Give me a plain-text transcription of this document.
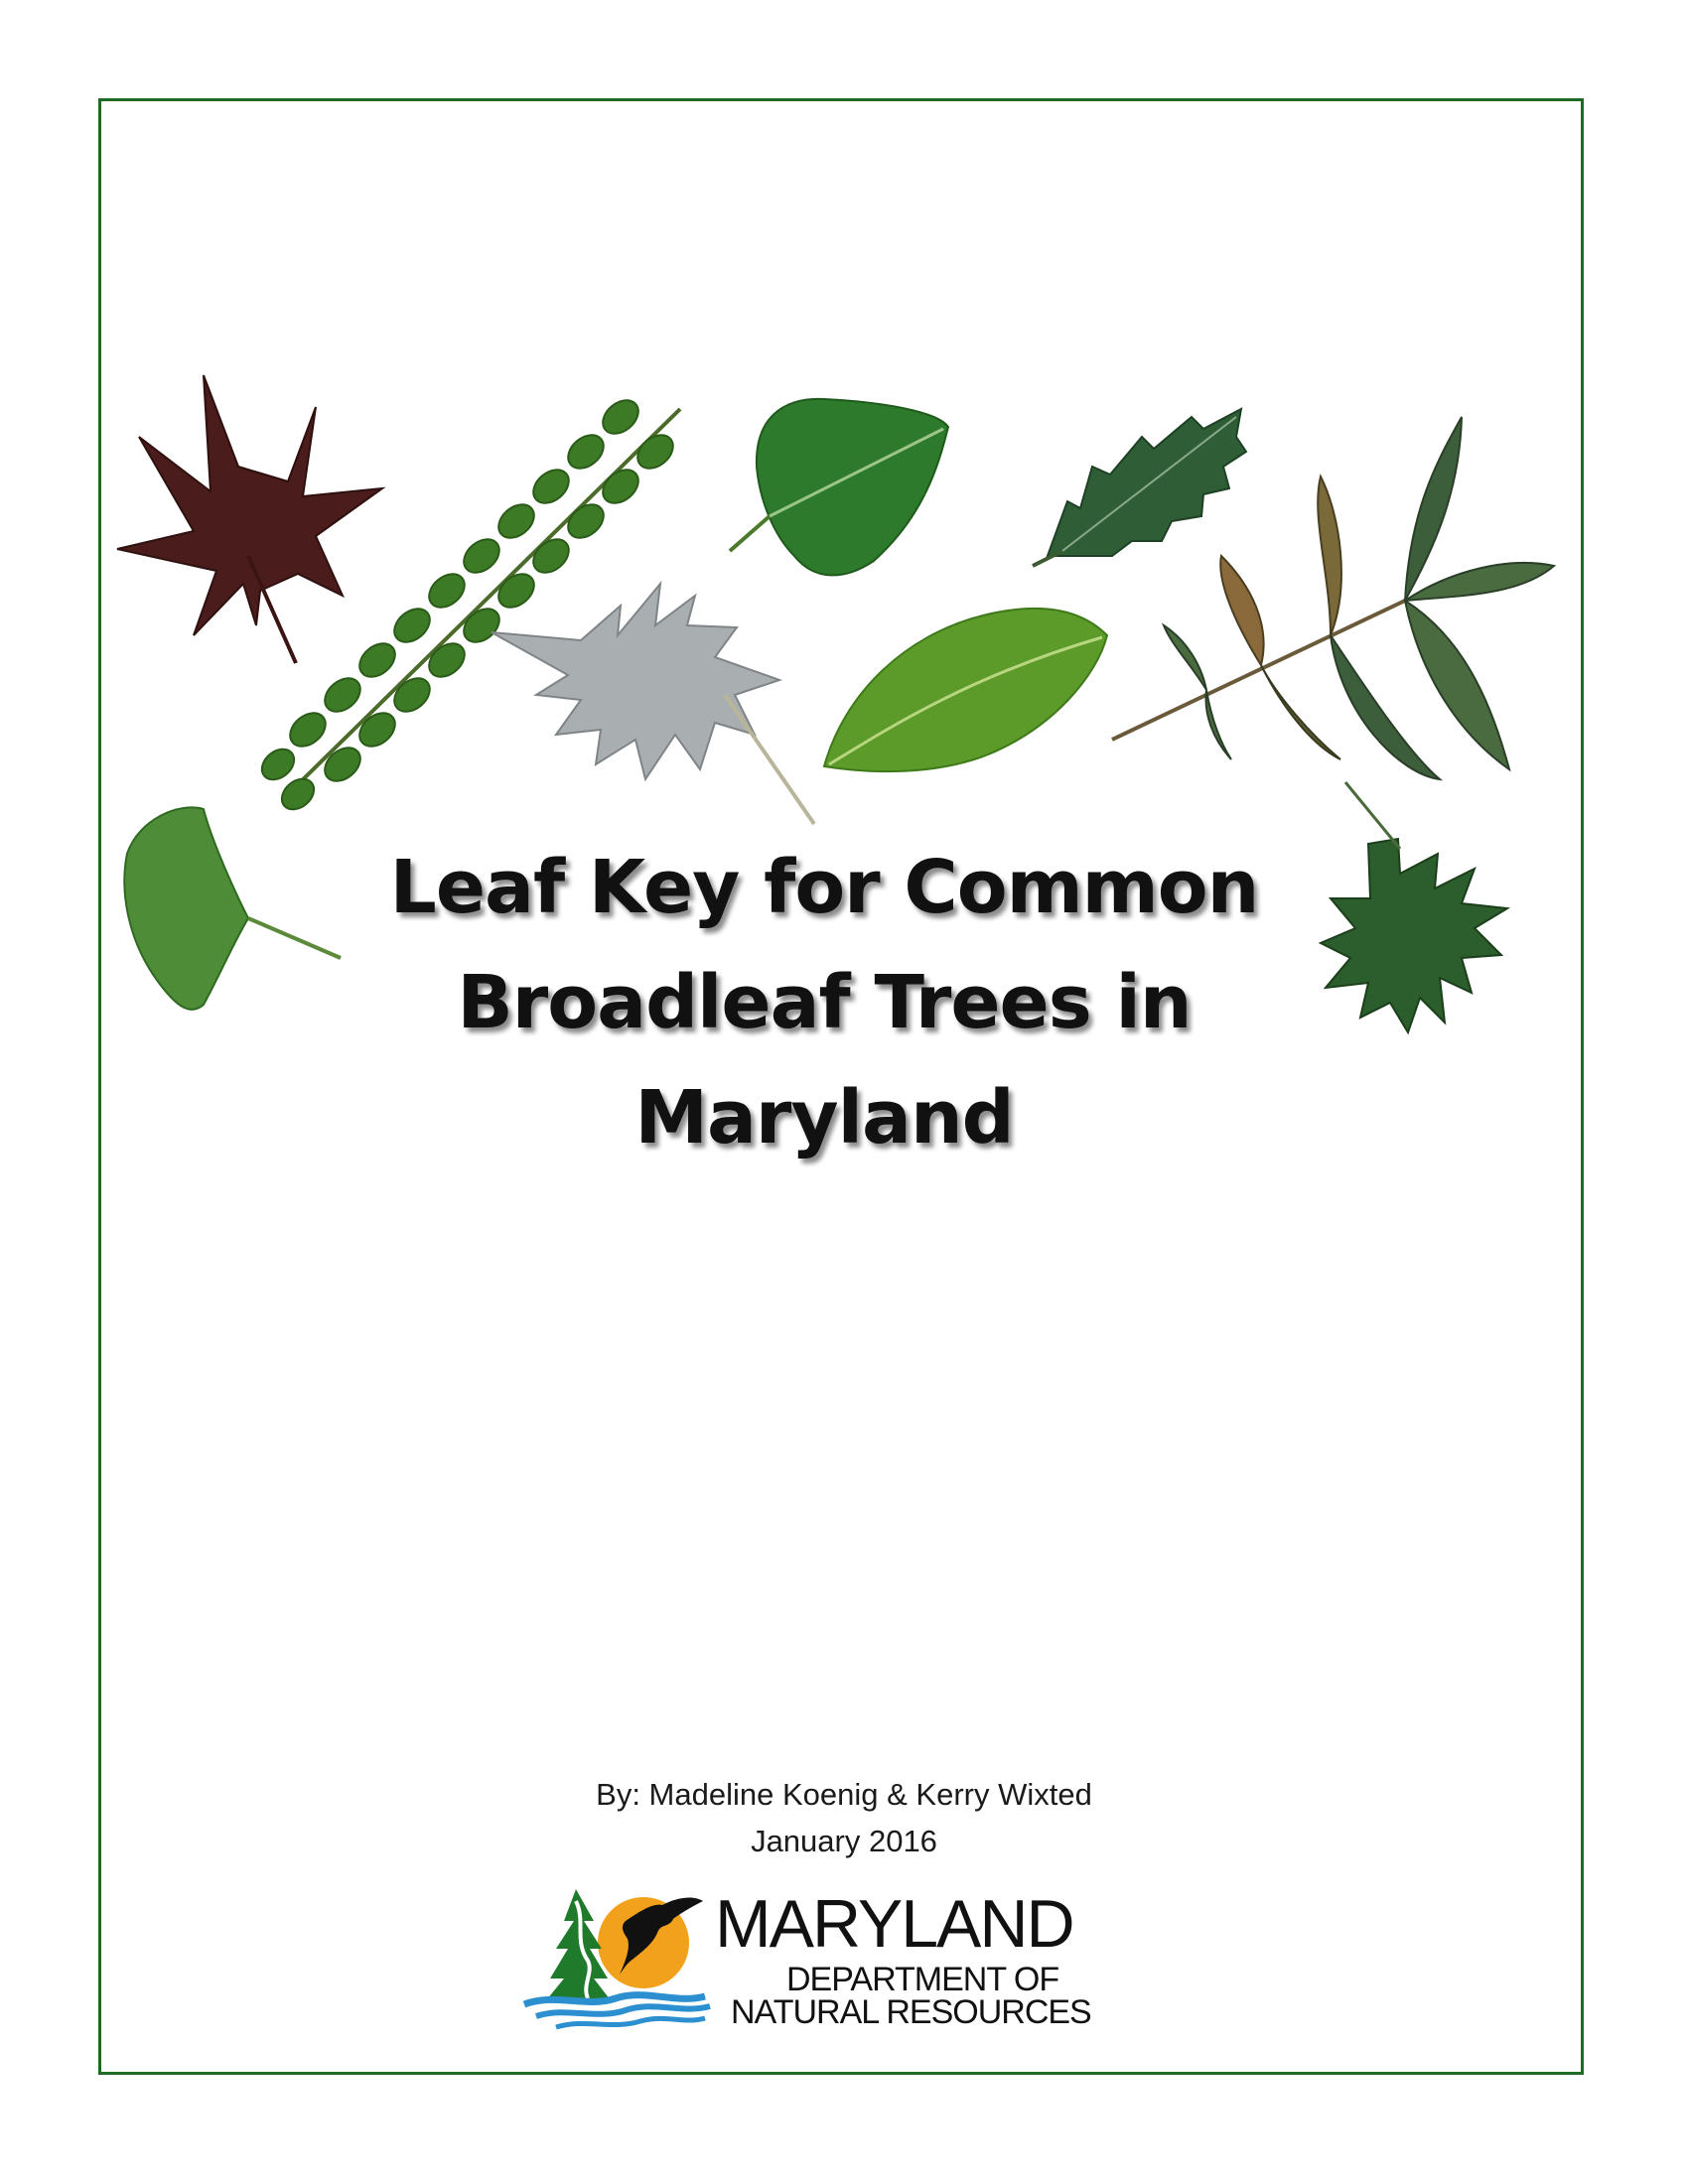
Leaf Key for Common
Broadleaf Trees in
Maryland
By: Madeline Koenig & Kerry Wixted
January 2016
MARYLAND
DEPARTMENT OF
NATURAL RESOURCES
